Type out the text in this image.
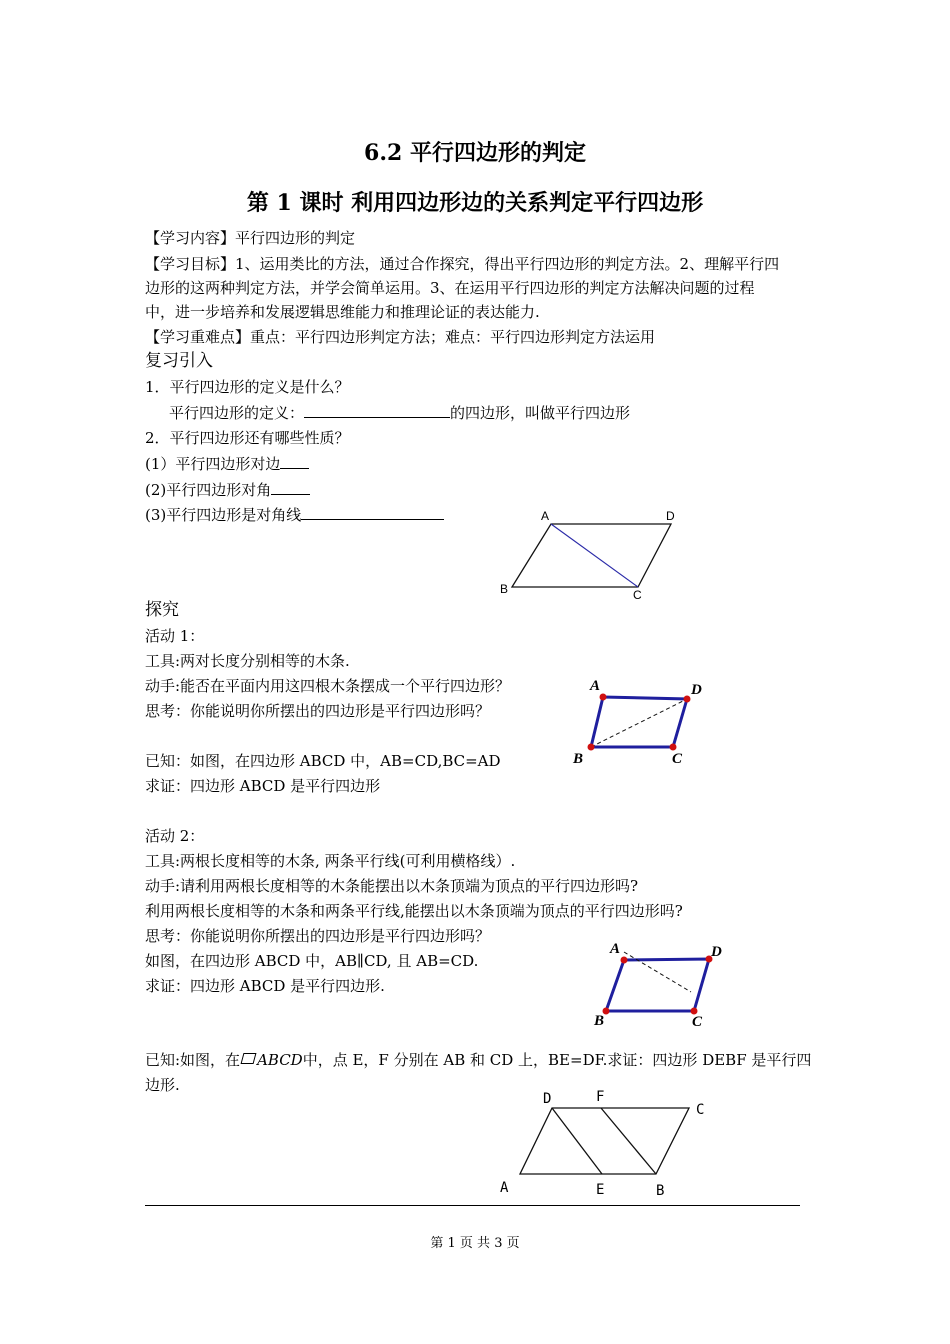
6.2 平行四边形的判定
第 1 课时 利用四边形边的关系判定平行四边形
【学习内容】平行四边形的判定
【学习目标】1、运用类比的方法，通过合作探究，得出平行四边形的判定方法。2、理解平行四
边形的这两种判定方法，并学会简单运用。3、在运用平行四边形的判定方法解决问题的过程
中，进一步培养和发展逻辑思维能力和推理论证的表达能力.
【学习重难点】重点：平行四边形判定方法；难点：平行四边形判定方法运用
复习引入
1．平行四边形的定义是什么？
平行四边形的定义：	的四边形，叫做平行四边形
2．平行四边形还有哪些性质？
(1）平行四边形对边
(2)平行四边形对角
(3)平行四边形是对角线	A	D
B	C
探究
活动 1：
工具:两对长度分别相等的木条.
动手:能否在平面内用这四根木条摆成一个平行四边形？
思考：你能说明你所摆出的四边形是平行四边形吗？
已知：如图，在四边形 ABCD 中，AB=CD,BC=AD
求证：四边形 ABCD 是平行四边形
A	D
B	C
活动 2：
工具:两根长度相等的木条, 两条平行线(可利用横格线）.
动手:请利用两根长度相等的木条能摆出以木条顶端为顶点的平行四边形吗?
利用两根长度相等的木条和两条平行线,能摆出以木条顶端为顶点的平行四边形吗?
思考：你能说明你所摆出的四边形是平行四边形吗？
如图，在四边形 ABCD 中，AB∥CD, 且 AB=CD.
求证：四边形 ABCD 是平行四边形.
A	D
B	C
已知:如图，在 ABCD中，点 E，F 分别在 AB 和 CD 上，BE=DF.求证：四边形 DEBF 是平行四
边形.
D	F
C
A	E	B
第 1 页 共 3 页
